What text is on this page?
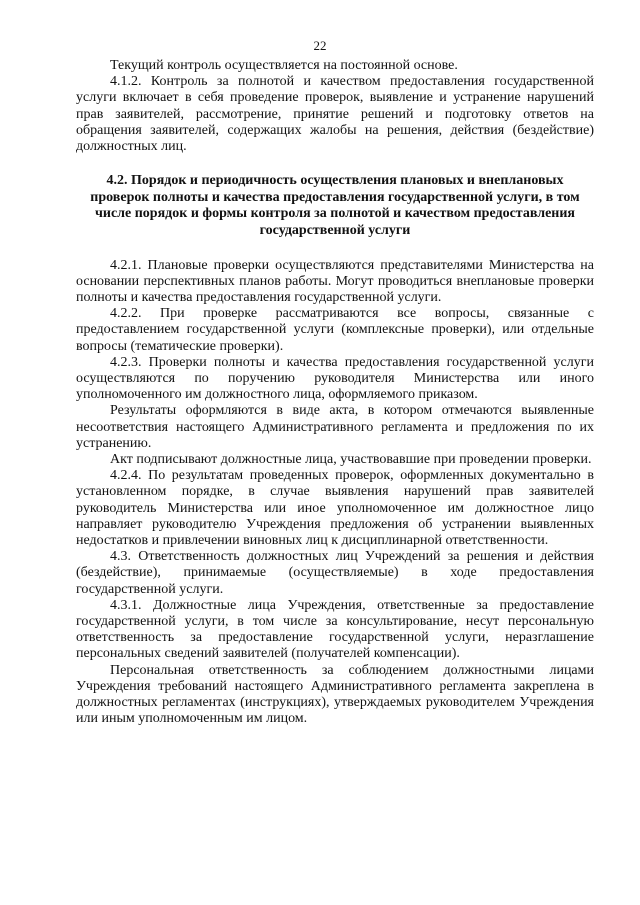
22

Текущий контроль осуществляется на постоянной основе.

4.1.2. Контроль за полнотой и качеством предоставления государственной услуги включает в себя проведение проверок, выявление и устранение нарушений прав заявителей, рассмотрение, принятие решений и подготовку ответов на обращения заявителей, содержащих жалобы на решения, действия (бездействие) должностных лиц.

4.2. Порядок и периодичность осуществления плановых и внеплановых проверок полноты и качества предоставления государственной услуги, в том числе порядок и формы контроля за полнотой и качеством предоставления государственной услуги

4.2.1. Плановые проверки осуществляются представителями Министерства на основании перспективных планов работы. Могут проводиться внеплановые проверки полноты и качества предоставления государственной услуги.

4.2.2. При проверке рассматриваются все вопросы, связанные с предоставлением государственной услуги (комплексные проверки), или отдельные вопросы (тематические проверки).

4.2.3. Проверки полноты и качества предоставления государственной услуги осуществляются по поручению руководителя Министерства или иного уполномоченного им должностного лица, оформляемого приказом.

Результаты оформляются в виде акта, в котором отмечаются выявленные несоответствия настоящего Административного регламента и предложения по их устранению.

Акт подписывают должностные лица, участвовавшие при проведении проверки.

4.2.4. По результатам проведенных проверок, оформленных документально в установленном порядке, в случае выявления нарушений прав заявителей руководитель Министерства или иное уполномоченное им должностное лицо направляет руководителю Учреждения предложения об устранении выявленных недостатков и привлечении виновных лиц к дисциплинарной ответственности.

4.3. Ответственность должностных лиц Учреждений за решения и действия (бездействие), принимаемые (осуществляемые) в ходе предоставления государственной услуги.

4.3.1. Должностные лица Учреждения, ответственные за предоставление государственной услуги, в том числе за консультирование, несут персональную ответственность за предоставление государственной услуги, неразглашение персональных сведений заявителей (получателей компенсации).

Персональная ответственность за соблюдением должностными лицами Учреждения требований настоящего Административного регламента закреплена в должностных регламентах (инструкциях), утверждаемых руководителем Учреждения или иным уполномоченным им лицом.
